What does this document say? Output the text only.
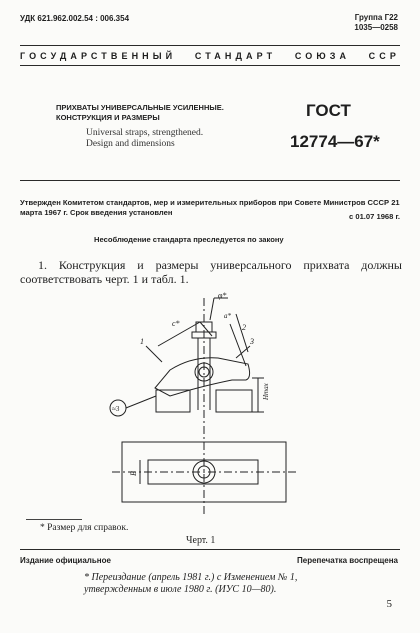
УДК 621.962.002.54 : 006.354	Группа Г22
1035—0258
ГОСУДАРСТВЕННЫЙ СТАНДАРТ СОЮЗА ССР
ПРИХВАТЫ УНИВЕРСАЛЬНЫЕ УСИЛЕННЫЕ.
КОНСТРУКЦИЯ И РАЗМЕРЫ
Universal straps, strengthened.
Design and dimensions
ГОСТ
12774—67*
Утвержден Комитетом стандартов, мер и измерительных приборов при Совете Министров СССР 21 марта 1967 г. Срок введения установлен	с 01.07 1968 г.
Несоблюдение стандарта преследуется по закону
1. Конструкция и размеры универсального прихвата должны соответствовать черт. 1 и табл. 1.
1
2
3
c*
φ*
a*
Hmax
B
≈3
* Размер для справок.
Черт. 1
Издание официальное	Перепечатка воспрещена
* Переиздание (апрель 1981 г.) с Изменением № 1,
утвержденным в июле 1980 г. (ИУС 10—80).
5
